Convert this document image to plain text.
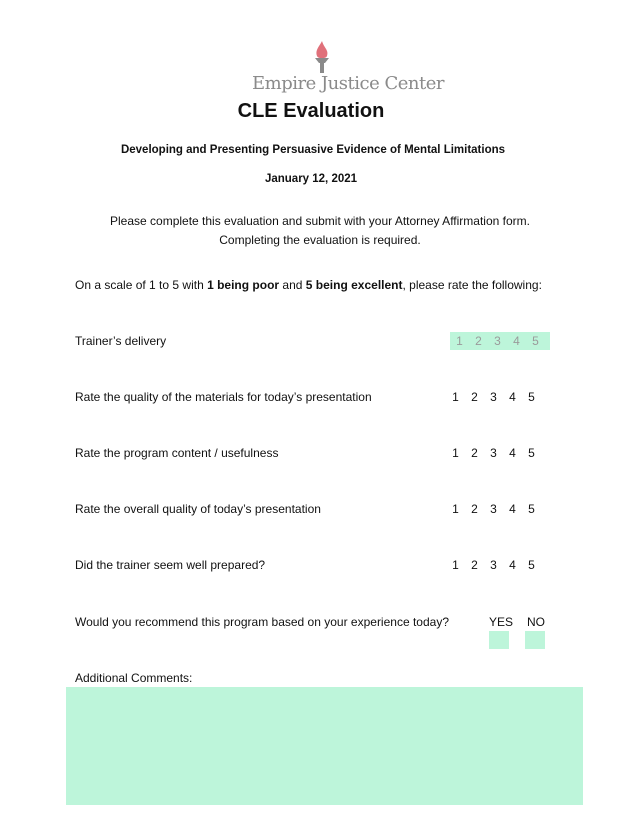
Empire Justice Center
CLE Evaluation
Developing and Presenting Persuasive Evidence of Mental Limitations
January 12, 2021
Please complete this evaluation and submit with your Attorney Affirmation form.
Completing the evaluation is required.
On a scale of 1 to 5 with 1 being poor and 5 being excellent, please rate the following:
Trainer’s delivery	1	2	3	4	5
Rate the quality of the materials for today’s presentation	1	2	3	4	5
Rate the program content / usefulness	1	2	3	4	5
Rate the overall quality of today’s presentation	1	2	3	4	5
Did the trainer seem well prepared?	1	2	3	4	5
Would you recommend this program based on your experience today?	YES NO
Additional Comments:
